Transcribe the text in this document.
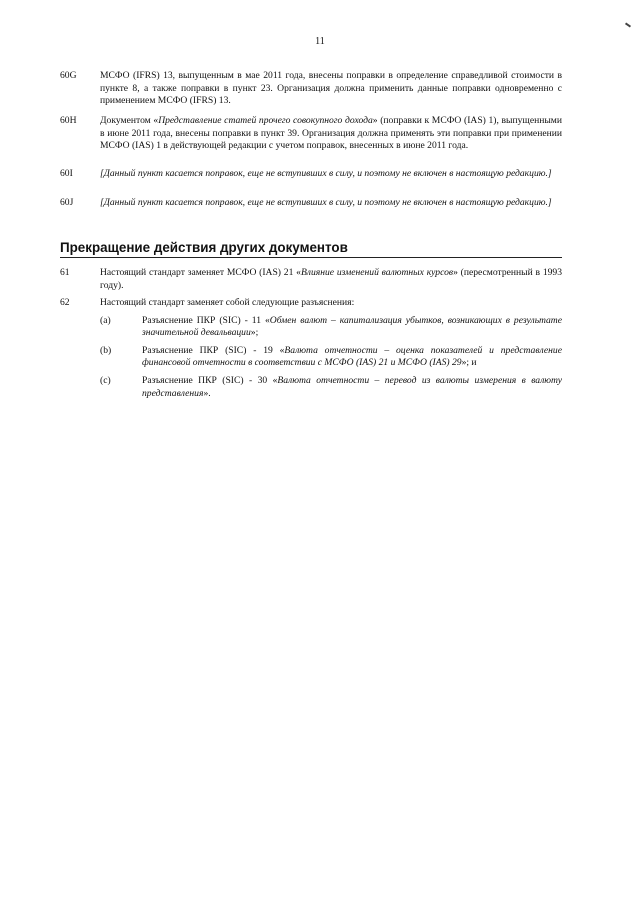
11
60G	МСФО (IFRS) 13, выпущенным в мае 2011 года, внесены поправки в определение справедливой стоимости в пункте 8, а также поправки в пункт 23. Организация должна применить данные поправки одновременно с применением МСФО (IFRS) 13.
60H	Документом «Представление статей прочего совокупного дохода» (поправки к МСФО (IAS) 1), выпущенными в июне 2011 года, внесены поправки в пункт 39. Организация должна применять эти поправки при применении МСФО (IAS) 1 в действующей редакции с учетом поправок, внесенных в июне 2011 года.
60I	[Данный пункт касается поправок, еще не вступивших в силу, и поэтому не включен в настоящую редакцию.]
60J	[Данный пункт касается поправок, еще не вступивших в силу, и поэтому не включен в настоящую редакцию.]
Прекращение действия других документов
61	Настоящий стандарт заменяет МСФО (IAS) 21 «Влияние изменений валютных курсов» (пересмотренный в 1993 году).
62	Настоящий стандарт заменяет собой следующие разъяснения:
(a)	Разъяснение ПКР (SIC) - 11 «Обмен валют – капитализация убытков, возникающих в результате значительной девальвации»;
(b)	Разъяснение ПКР (SIC) - 19 «Валюта отчетности – оценка показателей и представление финансовой отчетности в соответствии с МСФО (IAS) 21 и МСФО (IAS) 29»; и
(c)	Разъяснение ПКР (SIC) - 30 «Валюта отчетности – перевод из валюты измерения в валюту представления».
